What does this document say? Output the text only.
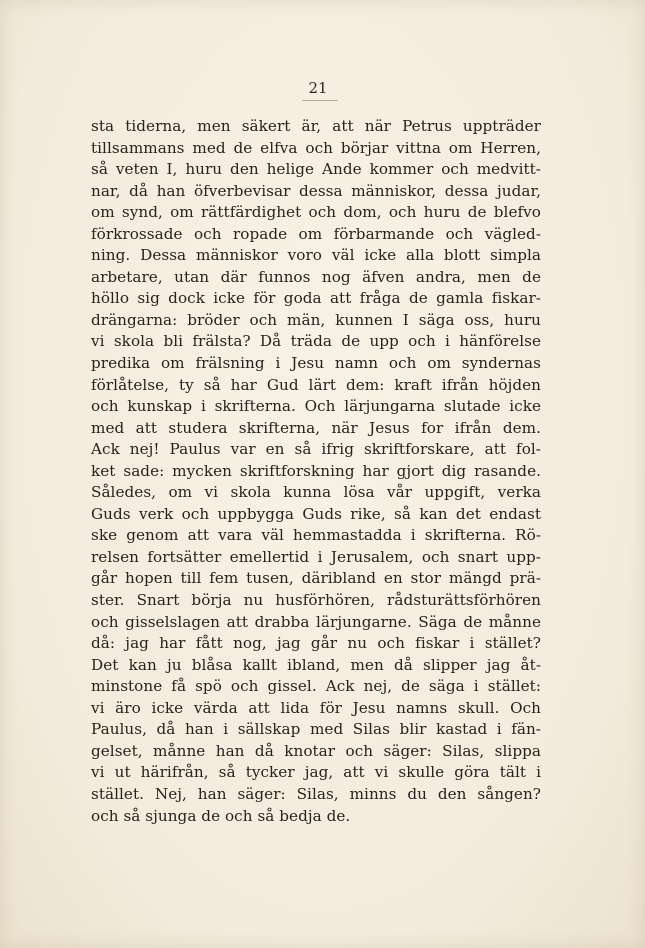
21
sta tiderna, men säkert är, att när Petrus uppträder
tillsammans med de elfva och börjar vittna om Herren,
så veten I, huru den helige Ande kommer och medvitt-
nar, då han öfverbevisar dessa människor, dessa judar,
om synd, om rättfärdighet och dom, och huru de blefvo
förkrossade och ropade om förbarmande och vägled-
ning. Dessa människor voro väl icke alla blott simpla
arbetare, utan där funnos nog äfven andra, men de
höllo sig dock icke för goda att fråga de gamla fiskar-
drängarna: bröder och män, kunnen I säga oss, huru
vi skola bli frälsta? Då träda de upp och i hänförelse
predika om frälsning i Jesu namn och om syndernas
förlåtelse, ty så har Gud lärt dem: kraft ifrån höjden
och kunskap i skrifterna. Och lärjungarna slutade icke
med att studera skrifterna, när Jesus for ifrån dem.
Ack nej! Paulus var en så ifrig skriftforskare, att fol-
ket sade: mycken skriftforskning har gjort dig rasande.
Således, om vi skola kunna lösa vår uppgift, verka
Guds verk och uppbygga Guds rike, så kan det endast
ske genom att vara väl hemmastadda i skrifterna. Rö-
relsen fortsätter emellertid i Jerusalem, och snart upp-
går hopen till fem tusen, däribland en stor mängd prä-
ster. Snart börja nu husförhören, rådsturättsförhören
och gisselslagen att drabba lärjungarne. Säga de månne
då: jag har fått nog, jag går nu och fiskar i stället?
Det kan ju blåsa kallt ibland, men då slipper jag åt-
minstone få spö och gissel. Ack nej, de säga i stället:
vi äro icke värda att lida för Jesu namns skull. Och
Paulus, då han i sällskap med Silas blir kastad i fän-
gelset, månne han då knotar och säger: Silas, slippa
vi ut härifrån, så tycker jag, att vi skulle göra tält i
stället. Nej, han säger: Silas, minns du den sången?
och så sjunga de och så bedja de.
